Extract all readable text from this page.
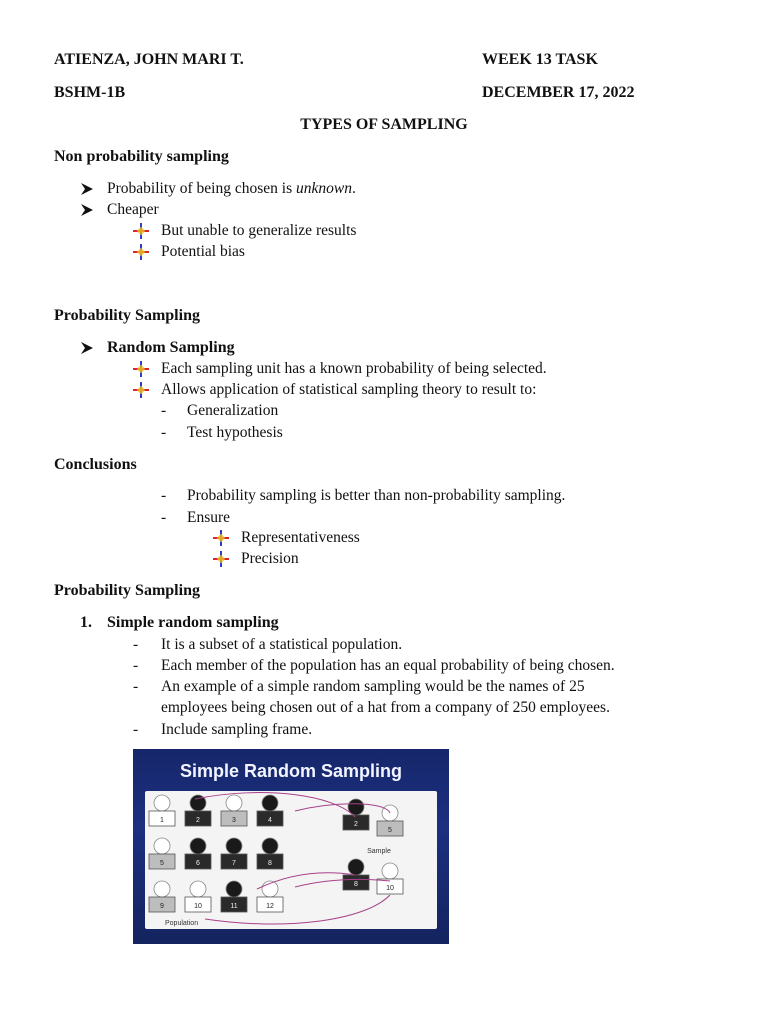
ATIENZA, JOHN MARI T.	WEEK 13 TASK
BSHM-1B	DECEMBER 17, 2022
TYPES OF SAMPLING
Non probability sampling
Probability of being chosen is unknown.
Cheaper
But unable to generalize results
Potential bias
Probability Sampling
Random Sampling
Each sampling unit has a known probability of being selected.
Allows application of statistical sampling theory to result to:
- Generalization
- Test hypothesis
Conclusions
- Probability sampling is better than non-probability sampling.
- Ensure
Representativeness
Precision
Probability Sampling
1. Simple random sampling
- It is a subset of a statistical population.
- Each member of the population has an equal probability of being chosen.
- An example of a simple random sampling would be the names of 25
employees being chosen out of a hat from a company of 250 employees.
- Include sampling frame.
Simple Random Sampling
1	2	3	4
5	6	7	8
9	10	11	12
2
5
8
10
Sample
Population
